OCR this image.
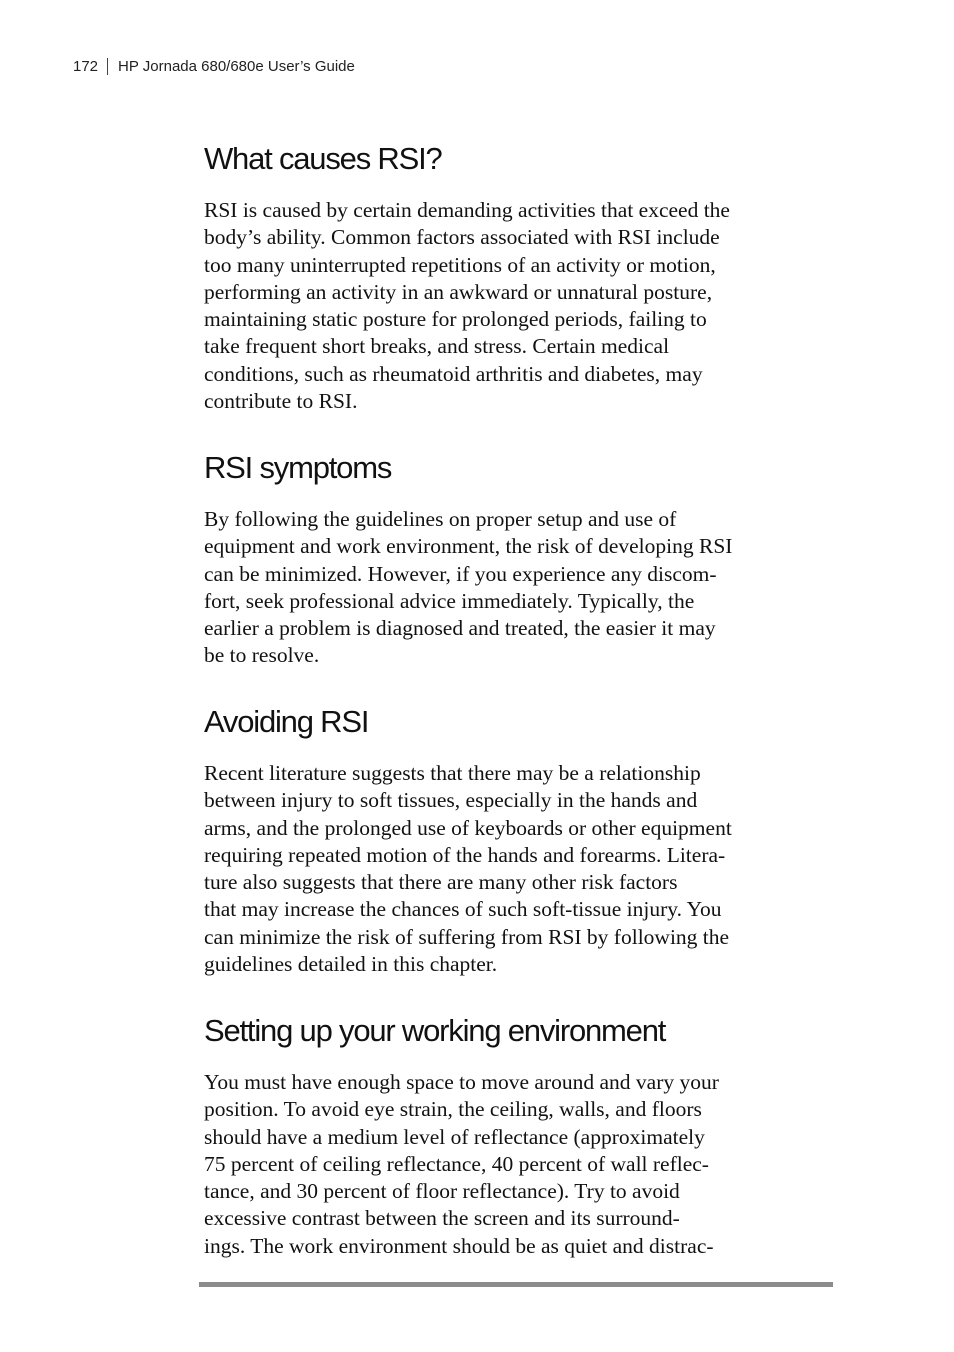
172 HP Jornada 680/680e User’s Guide
What causes RSI?
RSI is caused by certain demanding activities that exceed the
body’s ability. Common factors associated with RSI include
too many uninterrupted repetitions of an activity or motion,
performing an activity in an awkward or unnatural posture,
maintaining static posture for prolonged periods, failing to
take frequent short breaks, and stress. Certain medical
conditions, such as rheumatoid arthritis and diabetes, may
contribute to RSI.
RSI symptoms
By following the guidelines on proper setup and use of
equipment and work environment, the risk of developing RSI
can be minimized. However, if you experience any discom-
fort, seek professional advice immediately. Typically, the
earlier a problem is diagnosed and treated, the easier it may
be to resolve.
Avoiding RSI
Recent literature suggests that there may be a relationship
between injury to soft tissues, especially in the hands and
arms, and the prolonged use of keyboards or other equipment
requiring repeated motion of the hands and forearms. Litera-
ture also suggests that there are many other risk factors
that may increase the chances of such soft-tissue injury. You
can minimize the risk of suffering from RSI by following the
guidelines detailed in this chapter.
Setting up your working environment
You must have enough space to move around and vary your
position. To avoid eye strain, the ceiling, walls, and floors
should have a medium level of reflectance (approximately
75 percent of ceiling reflectance, 40 percent of wall reflec-
tance, and 30 percent of floor reflectance). Try to avoid
excessive contrast between the screen and its surround-
ings. The work environment should be as quiet and distrac-
